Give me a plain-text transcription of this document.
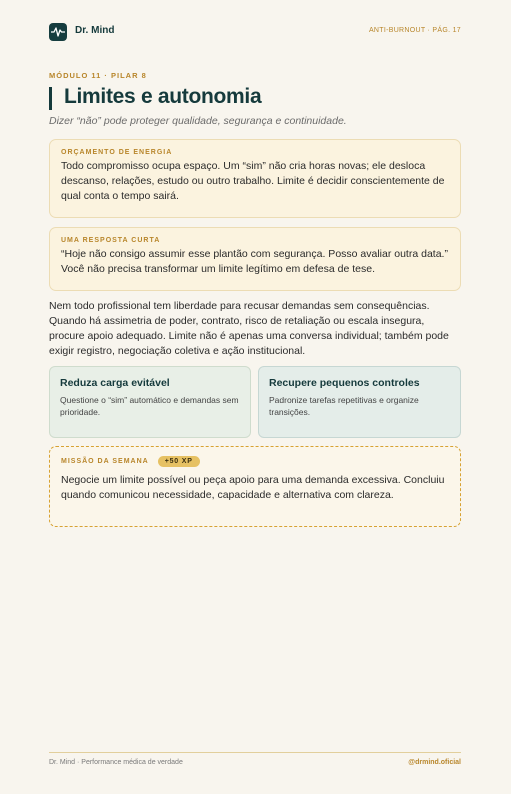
Dr. Mind	ANTI-BURNOUT · PÁG. 17
MÓDULO 11 · PILAR 8
Limites e autonomia
Dizer “não” pode proteger qualidade, segurança e continuidade.
ORÇAMENTO DE ENERGIA
Todo compromisso ocupa espaço. Um “sim” não cria horas novas; ele desloca descanso, relações, estudo ou outro trabalho. Limite é decidir conscientemente de qual conta o tempo sairá.
UMA RESPOSTA CURTA
“Hoje não consigo assumir esse plantão com segurança. Posso avaliar outra data.” Você não precisa transformar um limite legítimo em defesa de tese.
Nem todo profissional tem liberdade para recusar demandas sem consequências. Quando há assimetria de poder, contrato, risco de retaliação ou escala insegura, procure apoio adequado. Limite não é apenas uma conversa individual; também pode exigir registro, negociação coletiva e ação institucional.
Reduza carga evitável
Questione o “sim” automático e demandas sem prioridade.
Recupere pequenos controles
Padronize tarefas repetitivas e organize transições.
MISSÃO DA SEMANA	+50 XP
Negocie um limite possível ou peça apoio para uma demanda excessiva. Concluiu quando comunicou necessidade, capacidade e alternativa com clareza.
Dr. Mind · Performance médica de verdade	@drmind.oficial
